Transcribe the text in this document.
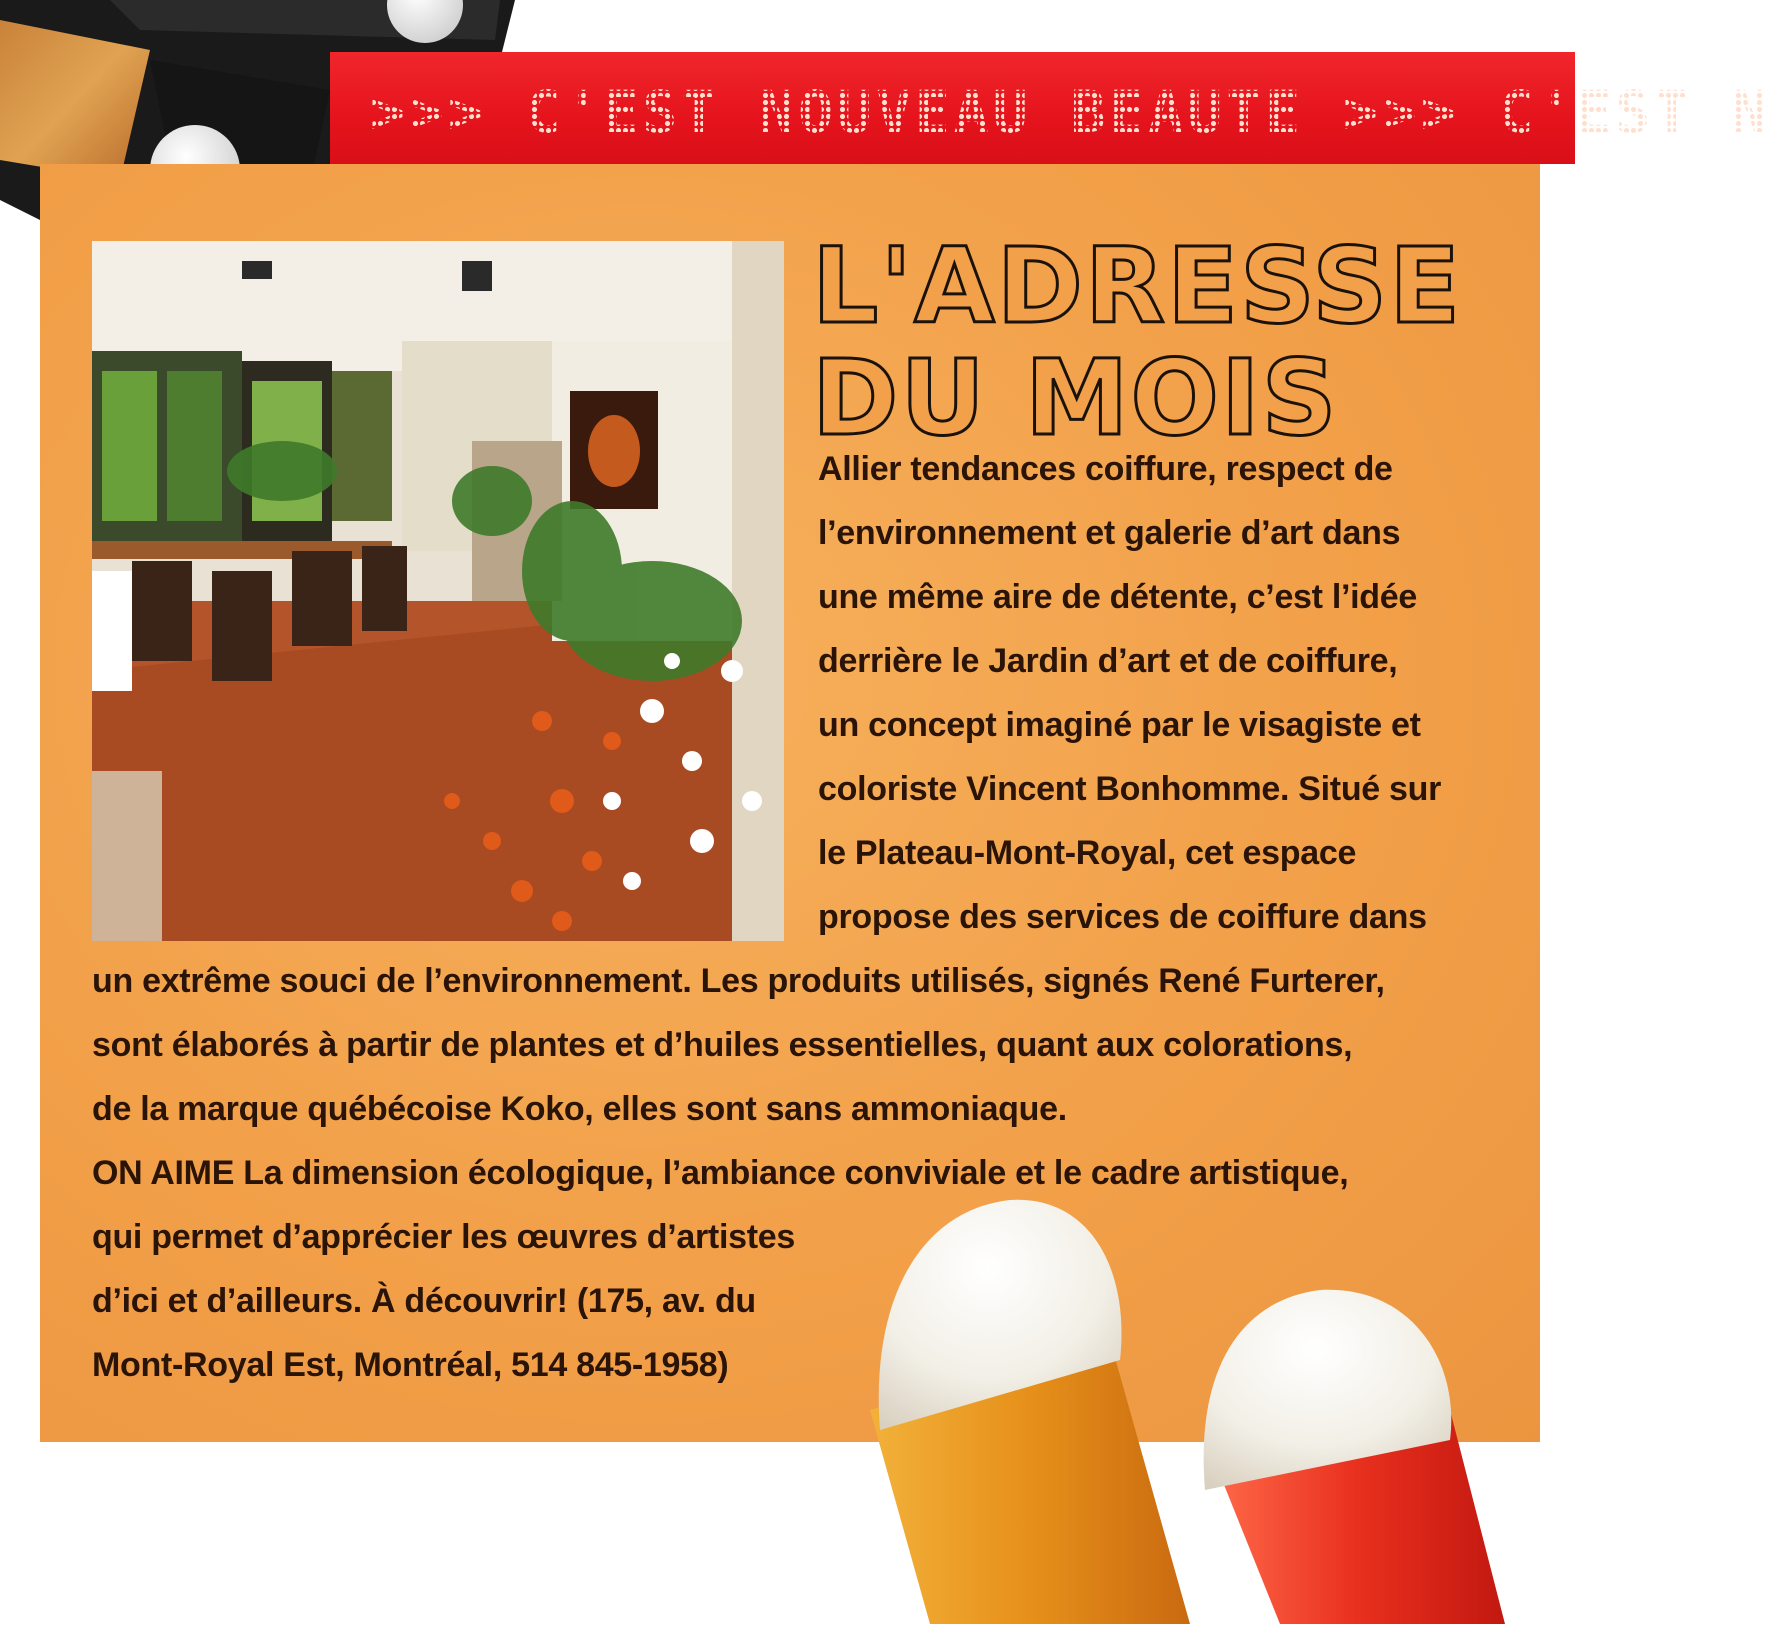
>>> C'EST NOUVEAU BEAUTE >>> C'EST N
L'ADRESSE
DU MOIS
Allier tendances coiffure, respect de
l’environnement et galerie d’art dans
une même aire de détente, c’est l’idée
derrière le Jardin d’art et de coiffure,
un concept imaginé par le visagiste et
coloriste Vincent Bonhomme. Situé sur
le Plateau-Mont-Royal, cet espace
propose des services de coiffure dans
un extrême souci de l’environnement. Les produits utilisés, signés René Furterer,
sont élaborés à partir de plantes et d’huiles essentielles, quant aux colorations,
de la marque québécoise Koko, elles sont sans ammoniaque.
ON AIME La dimension écologique, l’ambiance conviviale et le cadre artistique,
qui permet d’apprécier les œuvres d’artistes
d’ici et d’ailleurs. À découvrir! (175, av. du
Mont-Royal Est, Montréal, 514 845-1958)
